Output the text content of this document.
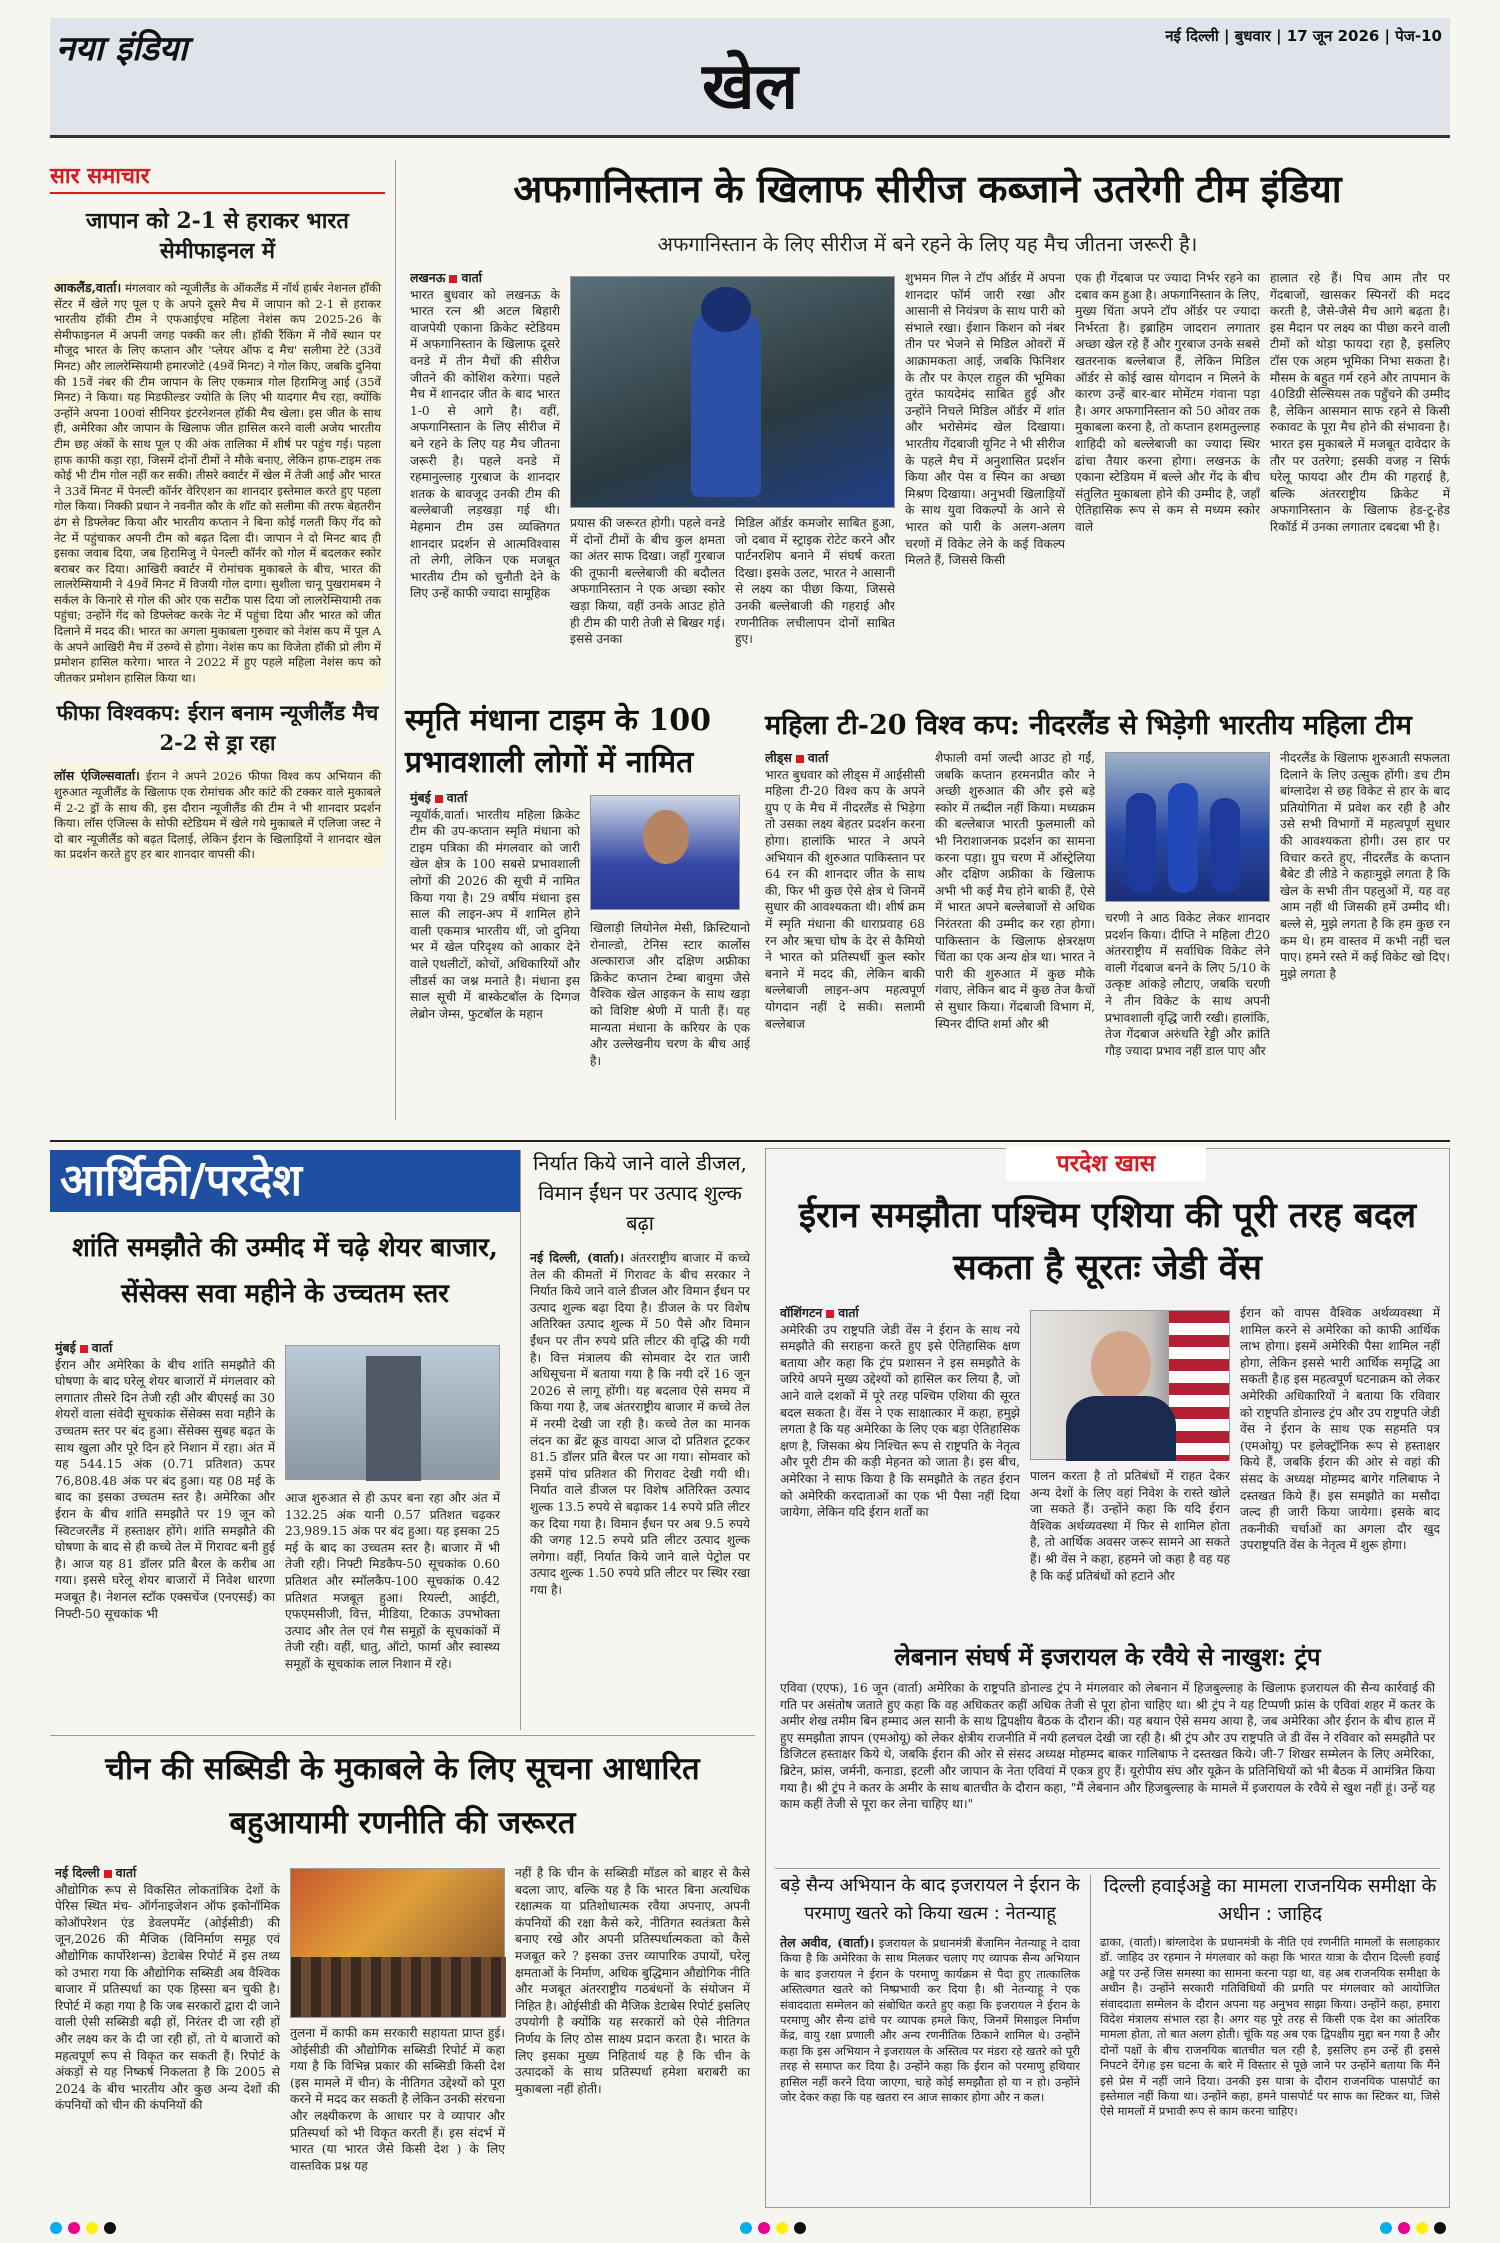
नया इंडिया	खेल
नई दिल्ली | बुधवार | 17 जून 2026 | पेज-10
सार समाचार
जापान को 2-1 से हराकर भारत सेमीफाइनल में
आकलैंड,वार्ता। मंगलवार को न्यूजीलैंड के ऑकलैंड में नॉर्थ हार्बर नेशनल हॉकी सेंटर में खेले गए पूल ए के अपने दूसरे मैच में जापान को 2-1 से हराकर भारतीय हॉकी टीम ने एफआईएच महिला नेशंस कप 2025-26 के सेमीफाइनल में अपनी जगह पक्की कर ली। हॉकी रैंकिंग में नौवें स्थान पर मौजूद भारत के लिए कप्तान और 'प्लेयर ऑफ द मैच' सलीमा टेटे (33वें मिनट) और लालरेम्सियामी हमारजोटे (49वें मिनट) ने गोल किए, जबकि दुनिया की 15वें नंबर की टीम जापान के लिए एकमात्र गोल हिरामिजु आई (35वें मिनट) ने किया। यह मिडफील्डर ज्योति के लिए भी यादगार मैच रहा, क्योंकि उन्होंने अपना 100वां सीनियर इंटरनेशनल हॉकी मैच खेला। इस जीत के साथ ही, अमेरिका और जापान के खिलाफ जीत हासिल करने वाली अजेय भारतीय टीम छह अंकों के साथ पूल ए की अंक तालिका में शीर्ष पर पहुंच गई। पहला हाफ काफी कड़ा रहा, जिसमें दोनों टीमों ने मौके बनाए, लेकिन हाफ-टाइम तक कोई भी टीम गोल नहीं कर सकी। तीसरे क्वार्टर में खेल में तेजी आई और भारत ने 33वें मिनट में पेनल्टी कॉर्नर वेरिएशन का शानदार इस्तेमाल करते हुए पहला गोल किया। निक्की प्रधान ने नवनीत कौर के शॉट को सलीमा की तरफ बेहतरीन ढंग से डिफ्लेक्ट किया और भारतीय कप्तान ने बिना कोई गलती किए गेंद को नेट में पहुंचाकर अपनी टीम को बढ़त दिला दी। जापान ने दो मिनट बाद ही इसका जवाब दिया, जब हिरामिजु ने पेनल्टी कॉर्नर को गोल में बदलकर स्कोर बराबर कर दिया। आखिरी क्वार्टर में रोमांचक मुकाबले के बीच, भारत की लालरेम्सियामी ने 49वें मिनट में विजयी गोल दागा। सुशीला चानू पुखरामबम ने सर्कल के किनारे से गोल की ओर एक सटीक पास दिया जो लालरेम्सियामी तक पहुंचा; उन्होंने गेंद को डिफ्लेक्ट करके नेट में पहुंचा दिया और भारत को जीत दिलाने में मदद की। भारत का अगला मुकाबला गुरुवार को नेशंस कप में पूल A के अपने आखिरी मैच में उरुग्वे से होगा। नेशंस कप का विजेता हॉकी प्रो लीग में प्रमोशन हासिल करेगा। भारत ने 2022 में हुए पहले महिला नेशंस कप को जीतकर प्रमोशन हासिल किया था।
फीफा विश्वकप: ईरान बनाम न्यूजीलैंड मैच 2-2 से ड्रा रहा
लॉस एंजिल्सवार्ता। ईरान ने अपने 2026 फीफा विश्व कप अभियान की शुरुआत न्यूजीलैंड के खिलाफ एक रोमांचक और कांटे की टक्कर वाले मुकाबले में 2-2 ड्रॉ के साथ की, इस दौरान न्यूजीलैंड की टीम ने भी शानदार प्रदर्शन किया। लॉस एंजिल्स के सोफी स्टेडियम में खेले गये मुकाबले में एलिजा जस्ट ने दो बार न्यूजीलैंड को बढ़त दिलाई, लेकिन ईरान के खिलाड़ियों ने शानदार खेल का प्रदर्शन करते हुए हर बार शानदार वापसी की।
अफगानिस्तान के खिलाफ सीरीज कब्जाने उतरेगी टीम इंडिया
अफगानिस्तान के लिए सीरीज में बने रहने के लिए यह मैच जीतना जरूरी है।
लखनऊ वार्ता
भारत बुधवार को लखनऊ के भारत रत्न श्री अटल बिहारी वाजपेयी एकाना क्रिकेट स्टेडियम में अफगानिस्तान के खिलाफ दूसरे वनडे में तीन मैचों की सीरीज जीतने की कोशिश करेगा। पहले मैच में शानदार जीत के बाद भारत 1-0 से आगे है। वहीं, अफगानिस्तान के लिए सीरीज में बने रहने के लिए यह मैच जीतना जरूरी है। पहले वनडे में रहमानुल्लाह गुरबाज के शानदार शतक के बावजूद उनकी टीम की बल्लेबाजी लड़खड़ा गई थी। मेहमान टीम उस व्यक्तिगत शानदार प्रदर्शन से आत्मविश्वास तो लेगी, लेकिन एक मजबूत भारतीय टीम को चुनौती देने के लिए उन्हें काफी ज्यादा सामूहिक
प्रयास की जरूरत होगी। पहले वनडे में दोनों टीमों के बीच कुल क्षमता का अंतर साफ दिखा। जहाँ गुरबाज की तूफानी बल्लेबाजी की बदौलत अफगानिस्तान ने एक अच्छा स्कोर खड़ा किया, वहीं उनके आउट होते ही टीम की पारी तेजी से बिखर गई। इससे उनका
मिडिल ऑर्डर कमजोर साबित हुआ, जो दबाव में स्ट्राइक रोटेट करने और पार्टनरशिप बनाने में संघर्ष करता दिखा। इसके उलट, भारत ने आसानी से लक्ष्य का पीछा किया, जिससे उनकी बल्लेबाजी की गहराई और रणनीतिक लचीलापन दोनों साबित हुए।
शुभमन गिल ने टॉप ऑर्डर में अपना शानदार फॉर्म जारी रखा और आसानी से नियंत्रण के साथ पारी को संभाले रखा। ईशान किशन को नंबर तीन पर भेजने से मिडिल ओवरों में आक्रामकता आई, जबकि फिनिशर के तौर पर केएल राहुल की भूमिका तुरंत फायदेमंद साबित हुई और उन्होंने निचले मिडिल ऑर्डर में शांत और भरोसेमंद खेल दिखाया। भारतीय गेंदबाजी यूनिट ने भी सीरीज के पहले मैच में अनुशासित प्रदर्शन किया और पेस व स्पिन का अच्छा मिश्रण दिखाया। अनुभवी खिलाड़ियों के साथ युवा विकल्पों के आने से भारत को पारी के अलग-अलग चरणों में विकेट लेने के कई विकल्प मिलते हैं, जिससे किसी
एक ही गेंदबाज पर ज्यादा निर्भर रहने का दबाव कम हुआ है। अफगानिस्तान के लिए, मुख्य चिंता अपने टॉप ऑर्डर पर ज्यादा निर्भरता है। इब्राहिम जादरान लगातार अच्छा खेल रहे हैं और गुरबाज उनके सबसे खतरनाक बल्लेबाज हैं, लेकिन मिडिल ऑर्डर से कोई खास योगदान न मिलने के कारण उन्हें बार-बार मोमेंटम गंवाना पड़ा है। अगर अफगानिस्तान को 50 ओवर तक मुकाबला करना है, तो कप्तान हशमतुल्लाह शाहिदी को बल्लेबाजी का ज्यादा स्थिर ढांचा तैयार करना होगा। लखनऊ के एकाना स्टेडियम में बल्ले और गेंद के बीच संतुलित मुकाबला होने की उम्मीद है, जहाँ ऐतिहासिक रूप से कम से मध्यम स्कोर वाले
हालात रहे हैं। पिच आम तौर पर गेंदबाजों, खासकर स्पिनरों की मदद करती है, जैसे-जैसे मैच आगे बढ़ता है। इस मैदान पर लक्ष्य का पीछा करने वाली टीमों को थोड़ा फायदा रहा है, इसलिए टॉस एक अहम भूमिका निभा सकता है। मौसम के बहुत गर्म रहने और तापमान के 40डिग्री सेल्सियस तक पहुँचने की उम्मीद है, लेकिन आसमान साफ रहने से किसी रुकावट के पूरा मैच होने की संभावना है। भारत इस मुकाबले में मजबूत दावेदार के तौर पर उतरेगा; इसकी वजह न सिर्फ घरेलू फायदा और टीम की गहराई है, बल्कि अंतरराष्ट्रीय क्रिकेट में अफगानिस्तान के खिलाफ हेड-टू-हेड रिकॉर्ड में उनका लगातार दबदबा भी है।
स्मृति मंधाना टाइम के 100 प्रभावशाली लोगों में नामित
मुंबई वार्ता
न्यूयॉर्क,वार्ता। भारतीय महिला क्रिकेट टीम की उप-कप्तान स्मृति मंधाना को टाइम पत्रिका की मंगलवार को जारी खेल क्षेत्र के 100 सबसे प्रभावशाली लोगों की 2026 की सूची में नामित किया गया है। 29 वर्षीय मंधाना इस साल की लाइन-अप में शामिल होने वाली एकमात्र भारतीय थीं, जो दुनिया भर में खेल परिदृश्य को आकार देने वाले एथलीटों, कोचों, अधिकारियों और लीडर्स का जश्न मनाते है। मंधाना इस साल सूची में बास्केटबॉल के दिग्गज लेब्रोन जेम्स, फुटबॉल के महान
खिलाड़ी लियोनेल मेसी, क्रिस्टियानो रोनाल्डो, टेनिस स्टार कार्लोस अल्काराज और दक्षिण अफ्रीका क्रिकेट कप्तान टेम्बा बावुमा जैसे वैश्विक खेल आइकन के साथ खड़ा को विशिष्ट श्रेणी में पाती हैं। यह मान्यता मंधाना के करियर के एक और उल्लेखनीय चरण के बीच आई है।
महिला टी-20 विश्व कप: नीदरलैंड से भिड़ेगी भारतीय महिला टीम
लीड्स वार्ता
भारत बुधवार को लीड्स में आईसीसी महिला टी-20 विश्व कप के अपने ग्रुप ए के मैच में नीदरलैंड से भिड़ेगा तो उसका लक्ष्य बेहतर प्रदर्शन करना होगा। हालांकि भारत ने अपने अभियान की शुरुआत पाकिस्तान पर 64 रन की शानदार जीत के साथ की, फिर भी कुछ ऐसे क्षेत्र थे जिनमें सुधार की आवश्यकता थी। शीर्ष क्रम में स्मृति मंधाना की धाराप्रवाह 68 रन और ऋचा घोष के देर से कैमियो ने भारत को प्रतिस्पर्धी कुल स्कोर बनाने में मदद की, लेकिन बाकी बल्लेबाजी लाइन-अप महत्वपूर्ण योगदान नहीं दे सकी। सलामी बल्लेबाज
शैफाली वर्मा जल्दी आउट हो गईं, जबकि कप्तान हरमनप्रीत कौर ने अच्छी शुरुआत की और इसे बड़े स्कोर में तब्दील नहीं किया। मध्यक्रम की बल्लेबाज भारती फुलमाली को भी निराशाजनक प्रदर्शन का सामना करना पड़ा। ग्रुप चरण में ऑस्ट्रेलिया और दक्षिण अफ्रीका के खिलाफ अभी भी कई मैच होने बाकी हैं, ऐसे में भारत अपने बल्लेबाजों से अधिक निरंतरता की उम्मीद कर रहा होगा। पाकिस्तान के खिलाफ क्षेत्ररक्षण चिंता का एक अन्य क्षेत्र था। भारत ने पारी की शुरुआत में कुछ मौके गंवाए, लेकिन बाद में कुछ तेज कैचों से सुधार किया। गेंदबाजी विभाग में, स्पिनर दीप्ति शर्मा और श्री
चरणी ने आठ विकेट लेकर शानदार प्रदर्शन किया। दीप्ति ने महिला टी20 अंतरराष्ट्रीय में सर्वाधिक विकेट लेने वाली गेंदबाज बनने के लिए 5/10 के उत्कृष्ट आंकड़े लौटाए, जबकि चरणी ने तीन विकेट के साथ अपनी प्रभावशाली वृद्धि जारी रखी। हालांकि, तेज गेंदबाज अरुंधति रेड्डी और क्रांति गौड़ ज्यादा प्रभाव नहीं डाल पाए और
नीदरलैंड के खिलाफ शुरुआती सफलता दिलाने के लिए उत्सुक होंगी। डच टीम बांग्लादेश से छह विकेट से हार के बाद प्रतियोगिता में प्रवेश कर रही है और उसे सभी विभागों में महत्वपूर्ण सुधार की आवश्यकता होगी। उस हार पर विचार करते हुए, नीदरलैंड के कप्तान बैबेट डी लीडे ने कहाःमुझे लगता है कि खेल के सभी तीन पहलुओं में, यह वह आम नहीं थी जिसकी हमें उम्मीद थी। बल्ले से, मुझे लगता है कि हम कुछ रन कम थे। हम वास्तव में कभी नहीं चल पाए। हमने रस्ते में कई विकेट खो दिए। मुझे लगता है
आर्थिकी/परदेश
शांति समझौते की उम्मीद में चढ़े शेयर बाजार, सेंसेक्स सवा महीने के उच्चतम स्तर
मुंबई वार्ता
ईरान और अमेरिका के बीच शांति समझौते की घोषणा के बाद घरेलू शेयर बाजारों में मंगलवार को लगातार तीसरे दिन तेजी रही और बीएसई का 30 शेयरों वाला संवेदी सूचकांक सेंसेक्स सवा महीने के उच्चतम स्तर पर बंद हुआ। सेंसेक्स सुबह बढ़त के साथ खुला और पूरे दिन हरे निशान में रहा। अंत में यह 544.15 अंक (0.71 प्रतिशत) ऊपर 76,808.48 अंक पर बंद हुआ। यह 08 मई के बाद का इसका उच्चतम स्तर है। अमेरिका और ईरान के बीच शांति समझौते पर 19 जून को स्विटजरलैंड में हस्ताक्षर होंगे। शांति समझौते की घोषणा के बाद से ही कच्चे तेल में गिरावट बनी हुई है। आज यह 81 डॉलर प्रति बैरल के करीब आ गया। इससे घरेलू शेयर बाजारों में निवेश धारणा मजबूत है। नेशनल स्टॉक एक्सचेंज (एनएसई) का निफ्टी-50 सूचकांक भी
आज शुरुआत से ही ऊपर बना रहा और अंत में 132.25 अंक यानी 0.57 प्रतिशत चढ़कर 23,989.15 अंक पर बंद हुआ। यह इसका 25 मई के बाद का उच्चतम स्तर है। बाजार में भी तेजी रही। निफ्टी मिडकैप-50 सूचकांक 0.60 प्रतिशत और स्मॉलकैप-100 सूचकांक 0.42 प्रतिशत मजबूत हुआ। रियल्टी, आईटी, एफएमसीजी, वित्त, मीडिया, टिकाऊ उपभोक्ता उत्पाद और तेल एवं गैस समूहों के सूचकांकों में तेजी रही। वहीं, धातु, ऑटो, फार्मा और स्वास्थ्य समूहों के सूचकांक लाल निशान में रहे।
निर्यात किये जाने वाले डीजल, विमान ईंधन पर उत्पाद शुल्क बढ़ा
नई दिल्ली, (वार्ता)। अंतरराष्ट्रीय बाजार में कच्चे तेल की कीमतों में गिरावट के बीच सरकार ने निर्यात किये जाने वाले डीजल और विमान ईंधन पर उत्पाद शुल्क बढ़ा दिया है। डीजल के पर विशेष अतिरिक्त उत्पाद शुल्क में 50 पैसे और विमान ईंधन पर तीन रुपये प्रति लीटर की वृद्धि की गयी है। वित्त मंत्रालय की सोमवार देर रात जारी अधिसूचना में बताया गया है कि नयी दरें 16 जून 2026 से लागू होंगी। यह बदलाव ऐसे समय में किया गया है, जब अंतरराष्ट्रीय बाजार में कच्चे तेल में नरमी देखी जा रही है। कच्चे तेल का मानक लंदन का ब्रेंट क्रूड वायदा आज दो प्रतिशत टूटकर 81.5 डॉलर प्रति बैरल पर आ गया। सोमवार को इसमें पांच प्रतिशत की गिरावट देखी गयी थी। निर्यात वाले डीजल पर विशेष अतिरिक्त उत्पाद शुल्क 13.5 रुपये से बढ़ाकर 14 रुपये प्रति लीटर कर दिया गया है। विमान ईंधन पर अब 9.5 रुपये की जगह 12.5 रुपये प्रति लीटर उत्पाद शुल्क लगेगा। वहीं, निर्यात किये जाने वाले पेट्रोल पर उत्पाद शुल्क 1.50 रुपये प्रति लीटर पर स्थिर रखा गया है।
चीन की सब्सिडी के मुकाबले के लिए सूचना आधारित बहुआयामी रणनीति की जरूरत
नई दिल्ली वार्ता
औद्योगिक रूप से विकसित लोकतांत्रिक देशों के पेरिस स्थित मंच- ऑर्गनाइजेशन ऑफ इकोनॉमिक कोऑपरेशन एंड डेवलपमेंट (ओईसीडी) की जून,2026 की मैजिक (विनिर्माण समूह एवं औद्योगिक कार्पोरेशन्स) डेटाबेस रिपोर्ट में इस तथ्य को उभारा गया कि औद्योगिक सब्सिडी अब वैश्विक बाजार में प्रतिस्पर्धा का एक हिस्सा बन चुकी है। रिपोर्ट में कहा गया है कि जब सरकारों द्वारा दी जाने वाली ऐसी सब्सिडी बढ़ी हों, निरंतर दी जा रही हों और लक्ष्य कर के दी जा रही हों, तो ये बाजारों को महत्वपूर्ण रूप से विकृत कर सकती हैं। रिपोर्ट के अंकड़ों से यह निष्कर्ष निकलता है कि 2005 से 2024 के बीच भारतीय और कुछ अन्य देशों की कंपनियों को चीन की कंपनियों की
तुलना में काफी कम सरकारी सहायता प्राप्त हुई। ओईसीडी की औद्योगिक सब्सिडी रिपोर्ट में कहा गया है कि विभिन्न प्रकार की सब्सिडी किसी देश (इस मामले में चीन) के नीतिगत उद्देश्यों को पूरा करने में मदद कर सकती है लेकिन उनकी संरचना और लक्ष्यीकरण के आधार पर वे व्यापार और प्रतिस्पर्धा को भी विकृत करती हैं। इस संदर्भ में भारत (या भारत जैसे किसी देश ) के लिए वास्तविक प्रश्न यह
नहीं है कि चीन के सब्सिडी मॉडल को बाहर से कैसे बदला जाए, बल्कि यह है कि भारत बिना अत्यधिक रक्षात्मक या प्रतिशोधात्मक रवैया अपनाए, अपनी कंपनियों की रक्षा कैसे करे, नीतिगत स्वतंत्रता कैसे बनाए रखे और अपनी प्रतिस्पर्धात्मकता को कैसे मजबूत करे ? इसका उत्तर व्यापारिक उपायों, घरेलू क्षमताओं के निर्माण, अधिक बुद्धिमान औद्योगिक नीति और मजबूत अंतरराष्ट्रीय गठबंधनों के संयोजन में निहित है। ओईसीडी की मैजिक डेटाबेस रिपोर्ट इसलिए उपयोगी है क्योंकि यह सरकारों को ऐसे नीतिगत निर्णय के लिए ठोस साक्ष्य प्रदान करता है। भारत के लिए इसका मुख्य निहितार्थ यह है कि चीन के उत्पादकों के साथ प्रतिस्पर्धा हमेशा बराबरी का मुकाबला नहीं होती।
परदेश खास
ईरान समझौता पश्चिम एशिया की पूरी तरह बदल सकता है सूरतः जेडी वेंस
वॉशिंगटन वार्ता
अमेरिकी उप राष्ट्रपति जेडी वेंस ने ईरान के साथ नये समझौते की सराहना करते हुए इसे ऐतिहासिक क्षण बताया और कहा कि ट्रंप प्रशासन ने इस समझौते के जरिये अपने मुख्य उद्देश्यों को हासिल कर लिया है, जो आने वाले दशकों में पूरे तरह पश्चिम एशिया की सूरत बदल सकता है। वेंस ने एक साक्षात्कार में कहा, हमुझे लगता है कि यह अमेरिका के लिए एक बड़ा ऐतिहासिक क्षण है, जिसका श्रेय निश्चित रूप से राष्ट्रपति के नेतृत्व और पूरी टीम की कड़ी मेहनत को जाता है। इस बीच, अमेरिका ने साफ किया है कि समझौते के तहत ईरान को अमेरिकी करदाताओं का एक भी पैसा नहीं दिया जायेगा, लेकिन यदि ईरान शर्तों का
पालन करता है तो प्रतिबंधों में राहत देकर अन्य देशों के लिए वहां निवेश के रास्ते खोले जा सकते हैं। उन्होंने कहा कि यदि ईरान वैश्विक अर्थव्यवस्था में फिर से शामिल होता है, तो आर्थिक अवसर जरूर सामने आ सकते हैं। श्री वेंस ने कहा, हहमने जो कहा है वह यह है कि कई प्रतिबंधों को हटाने और
ईरान को वापस वैश्विक अर्थव्यवस्था में शामिल करने से अमेरिका को काफी आर्थिक लाभ होगा। इसमें अमेरिकी पैसा शामिल नहीं होगा, लेकिन इससे भारी आर्थिक समृद्धि आ सकती है।ह इस महत्वपूर्ण घटनाक्रम को लेकर अमेरिकी अधिकारियों ने बताया कि रविवार को राष्ट्रपति डोनाल्ड ट्रंप और उप राष्ट्रपति जेडी वेंस ने ईरान के साथ एक सहमति पत्र (एमओयू) पर इलेक्ट्रॉनिक रूप से हस्ताक्षर किये हैं, जबकि ईरान की ओर से वहां की संसद के अध्यक्ष मोहम्मद बागेर गलिबाफ ने दस्तखत किये हैं। इस समझौते का मसौदा जल्द ही जारी किया जायेगा। इसके बाद तकनीकी चर्चाओं का अगला दौर खुद उपराष्ट्रपति वेंस के नेतृत्व में शुरू होगा।
लेबनान संघर्ष में इजरायल के रवैये से नाखुश: ट्रंप
एविवा (एएफ), 16 जून (वार्ता) अमेरिका के राष्ट्रपति डोनाल्ड ट्रंप ने मंगलवार को लेबनान में हिजबुल्लाह के खिलाफ इजरायल की सैन्य कार्रवाई की गति पर असंतोष जताते हुए कहा कि वह अधिकतर कहीं अधिक तेजी से पूरा होना चाहिए था। श्री ट्रंप ने यह टिप्पणी फ्रांस के एविवां शहर में कतर के अमीर शेख तमीम बिन हम्माद अल सानी के साथ द्विपक्षीय बैठक के दौरान की। यह बयान ऐसे समय आया है, जब अमेरिका और ईरान के बीच हाल में हुए समझौता ज्ञापन (एमओयू) को लेकर क्षेत्रीय राजनीति में नयी हलचल देखी जा रही है। श्री ट्रंप और उप राष्ट्रपति जे डी वेंस ने रविवार को समझौते पर डिजिटल हस्ताक्षर किये थे, जबकि ईरान की ओर से संसद अध्यक्ष मोहम्मद बाकर गालिबाफ ने दस्तखत किये। जी-7 शिखर सम्मेलन के लिए अमेरिका, ब्रिटेन, फ्रांस, जर्मनी, कनाडा, इटली और जापान के नेता एवियां में एकत्र हुए हैं। यूरोपीय संघ और यूक्रेन के प्रतिनिधियों को भी बैठक में आमंत्रित किया गया है। श्री ट्रंप ने कतर के अमीर के साथ बातचीत के दौरान कहा, "मैं लेबनान और हिजबुल्लाह के मामले में इजरायल के रवैये से खुश नहीं हूं। उन्हें यह काम कहीं तेजी से पूरा कर लेना चाहिए था।"
बड़े सैन्य अभियान के बाद इजरायल ने ईरान के परमाणु खतरे को किया खत्म : नेतन्याहू
तेल अवीव, (वार्ता)। इजरायल के प्रधानमंत्री बेंजामिन नेतन्याहू ने दावा किया है कि अमेरिका के साथ मिलकर चलाए गए व्यापक सैन्य अभियान के बाद इजरायल ने ईरान के परमाणु कार्यक्रम से पैदा हुए तात्कालिक अस्तित्वगत खतरे को निष्प्रभावी कर दिया है। श्री नेतन्याहू ने एक संवाददाता सम्मेलन को संबोधित करते हुए कहा कि इजरायल ने ईरान के परमाणु और सैन्य ढांचे पर व्यापक हमले किए, जिनमें मिसाइल निर्माण केंद्र, वायु रक्षा प्रणाली और अन्य रणनीतिक ठिकाने शामिल थे। उन्होंने कहा कि इस अभियान ने इजरायल के अस्तित्व पर मंडरा रहे खतरे को पूरी तरह से समाप्त कर दिया है। उन्होंने कहा कि ईरान को परमाणु हथियार हासिल नहीं करने दिया जाएगा, चाहे कोई समझौता हो या न हो। उन्होंने जोर देकर कहा कि यह खतरा रन आज साकार होगा और न कल।
दिल्ली हवाईअड्डे का मामला राजनयिक समीक्षा के अधीन : जाहिद
ढाका, (वार्ता)। बांग्लादेश के प्रधानमंत्री के नीति एवं रणनीति मामलों के सलाहकार डॉ. जाहिद उर रहमान ने मंगलवार को कहा कि भारत यात्रा के दौरान दिल्ली हवाई अड्डे पर उन्हें जिस समस्या का सामना करना पड़ा था, वह अब राजनयिक समीक्षा के अधीन है। उन्होंने सरकारी गतिविधियों की प्रगति पर मंगलवार को आयोजित संवाददाता सम्मेलन के दौरान अपना यह अनुभव साझा किया। उन्होंने कहा, हमारा विदेश मंत्रालय संभाल रहा है। अगर यह पूरे तरह से किसी एक देश का आंतरिक मामला होता, तो बात अलग होती। चूंकि यह अब एक द्विपक्षीय मुद्दा बन गया है और दोनों पक्षों के बीच राजनयिक बातचीत चल रही है, इसलिए हम उन्हें ही इससे निपटने देंगे।ह इस घटना के बारे में विस्तार से पूछे जाने पर उन्होंने बताया कि मैंने इसे प्रेस में नहीं जाने दिया। उनकी इस यात्रा के दौरान राजनयिक पासपोर्ट का इस्तेमाल नहीं किया था। उन्होंने कहा, हमने पासपोर्ट पर साफ का स्टिकर था, जिसे ऐसे मामलों में प्रभावी रूप से काम करना चाहिए।
